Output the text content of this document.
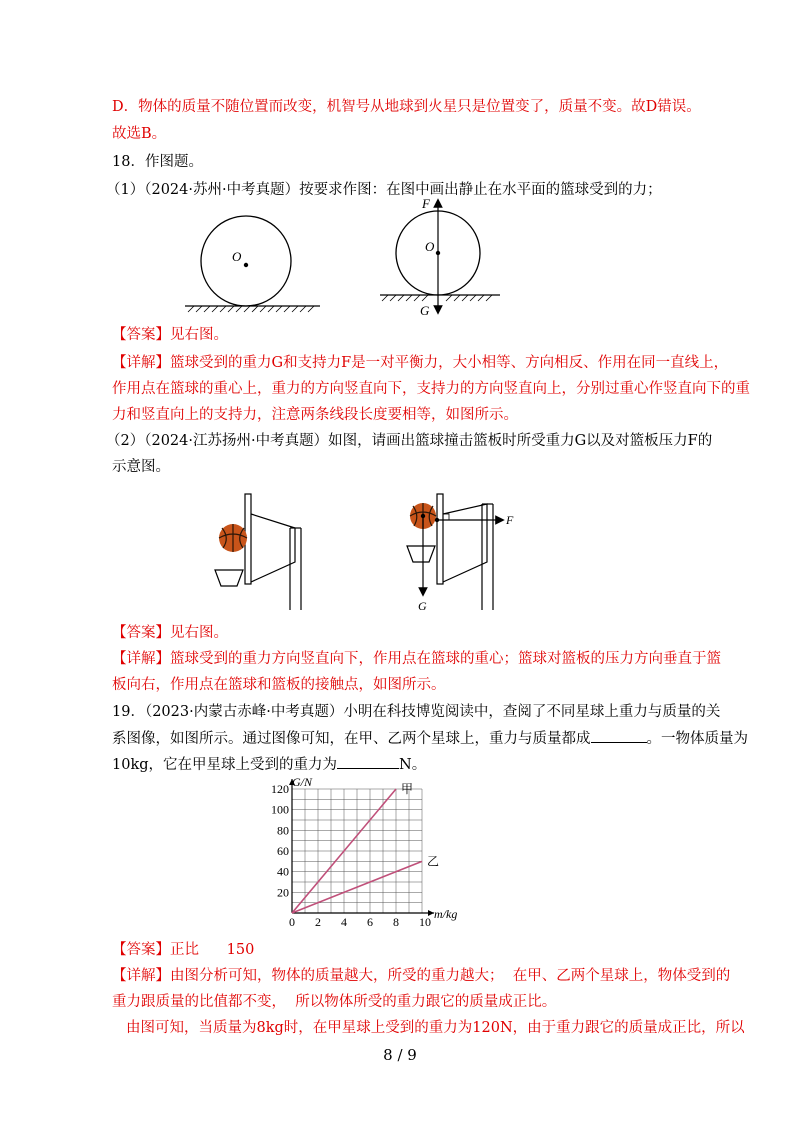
D．物体的质量不随位置而改变，机智号从地球到火星只是位置变了，质量不变。故D错误。
故选B。
18．作图题。
（1）（2024·苏州·中考真题）按要求作图：在图中画出静止在水平面的篮球受到的力；
O
F
O
G
【答案】见右图。
【详解】篮球受到的重力G和支持力F是一对平衡力，大小相等、方向相反、作用在同一直线上，
作用点在篮球的重心上，重力的方向竖直向下，支持力的方向竖直向上，分别过重心作竖直向下的重
力和竖直向上的支持力，注意两条线段长度要相等，如图所示。
（2）（2024·江苏扬州·中考真题）如图，请画出篮球撞击篮板时所受重力G以及对篮板压力F的
示意图。
F
G
【答案】见右图。
【详解】篮球受到的重力方向竖直向下，作用点在篮球的重心；篮球对篮板的压力方向垂直于篮
板向右，作用点在篮球和篮板的接触点，如图所示。
19．（2023·内蒙古赤峰·中考真题）小明在科技博览阅读中，查阅了不同星球上重力与质量的关
系图像，如图所示。通过图像可知，在甲、乙两个星球上，重力与质量都成	。一物体质量为
10kg，它在甲星球上受到的重力为	N。
0 2 4 6 8 10
20
40
60
80
100
120	甲
乙
G/N
m/kg
【答案】正比      150
【详解】由图分析可知，物体的质量越大，所受的重力越大；  在甲、乙两个星球上，物体受到的
重力跟质量的比值都不变，  所以物体所受的重力跟它的质量成正比。
由图可知，当质量为8kg时，在甲星球上受到的重力为120N，由于重力跟它的质量成正比，所以
8 / 9
